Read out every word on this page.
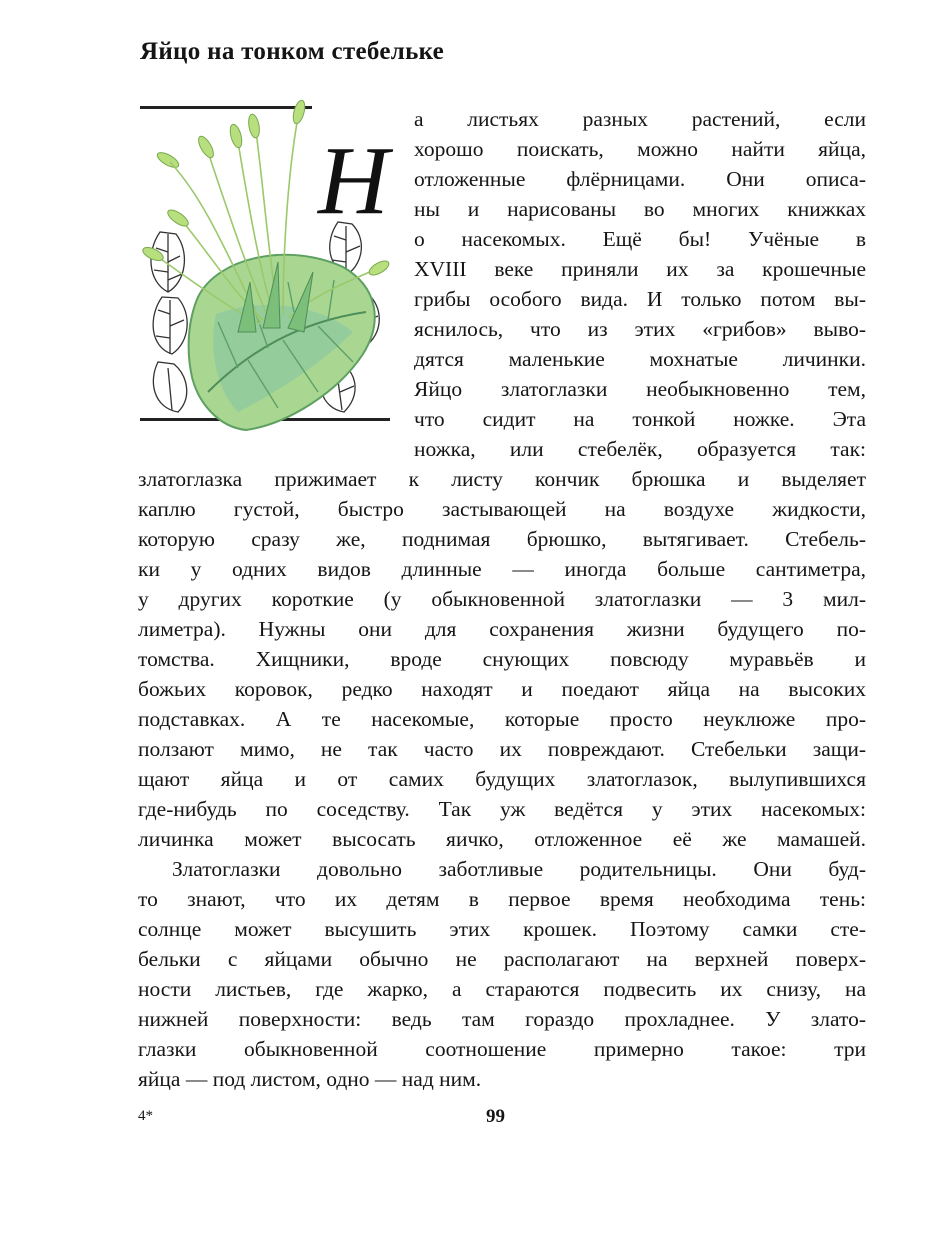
Яйцо на тонком стебельке
Н
а листьях разных растений, если
хорошо поискать, можно найти яйца,
отложенные флёрницами. Они описа-
ны и нарисованы во многих книжках
о насекомых. Ещё бы! Учёные в
XVIII веке приняли их за крошечные
грибы особого вида. И только потом вы-
яснилось, что из этих «грибов» выво-
дятся маленькие мохнатые личинки.
Яйцо златоглазки необыкновенно тем,
что сидит на тонкой ножке. Эта
ножка, или стебелёк, образуется так:
златоглазка прижимает к листу кончик брюшка и выделяет
каплю густой, быстро застывающей на воздухе жидкости,
которую сразу же, поднимая брюшко, вытягивает. Стебель-
ки у одних видов длинные — иногда больше сантиметра,
у других короткие (у обыкновенной златоглазки — 3 мил-
лиметра). Нужны они для сохранения жизни будущего по-
томства. Хищники, вроде снующих повсюду муравьёв и
божьих коровок, редко находят и поедают яйца на высоких
подставках. А те насекомые, которые просто неуклюже про-
ползают мимо, не так часто их повреждают. Стебельки защи-
щают яйца и от самих будущих златоглазок, вылупившихся
где-нибудь по соседству. Так уж ведётся у этих насекомых:
личинка может высосать яичко, отложенное её же мамашей.
Златоглазки довольно заботливые родительницы. Они буд-
то знают, что их детям в первое время необходима тень:
солнце может высушить этих крошек. Поэтому самки сте-
бельки с яйцами обычно не располагают на верхней поверх-
ности листьев, где жарко, а стараются подвесить их снизу, на
нижней поверхности: ведь там гораздо прохладнее. У злато-
глазки обыкновенной соотношение примерно такое: три
яйца — под листом, одно — над ним.
4*	99
